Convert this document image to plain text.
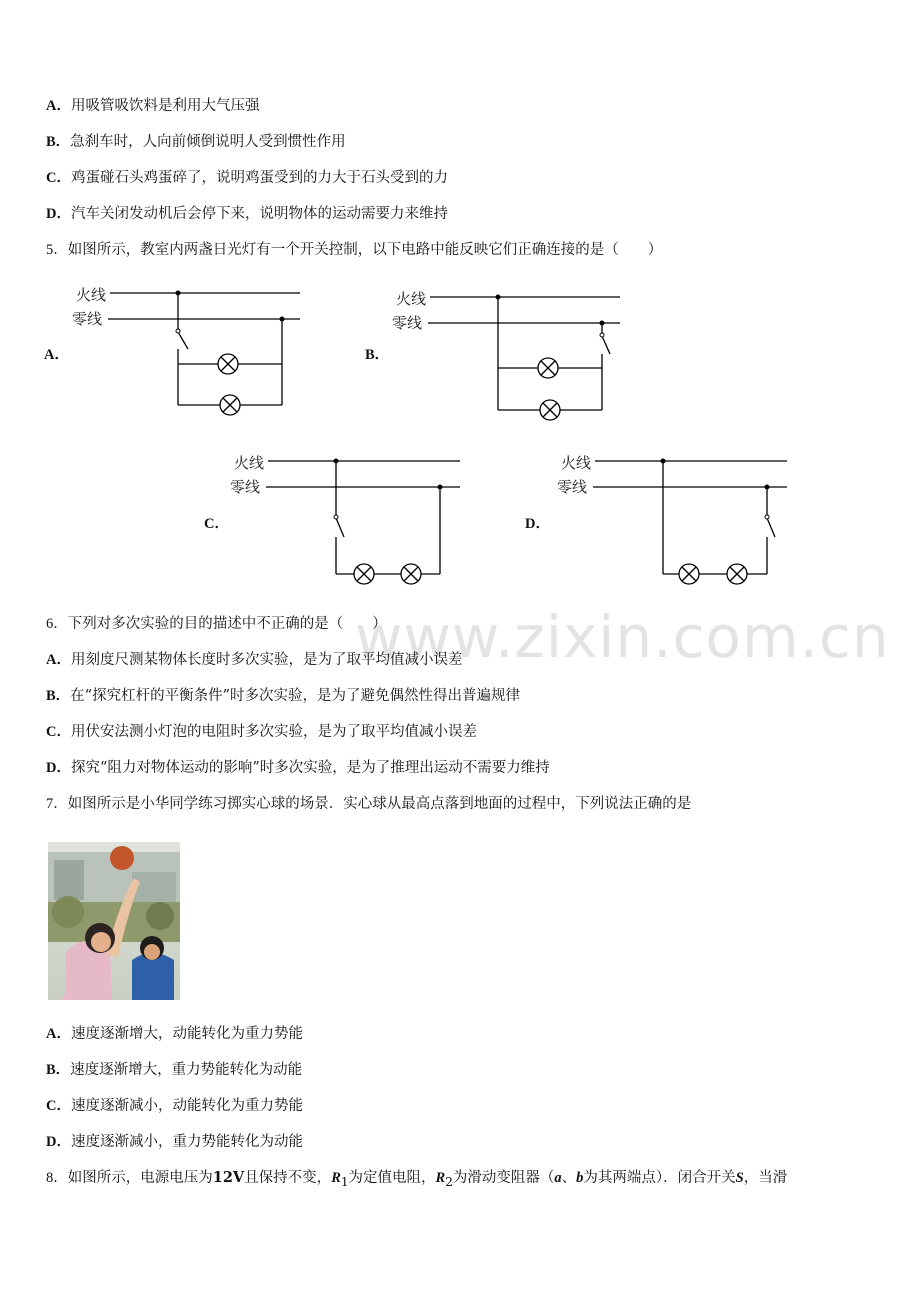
A．用吸管吸饮料是利用大气压强
B．急刹车时，人向前倾倒说明人受到惯性作用
C．鸡蛋碰石头鸡蛋碎了，说明鸡蛋受到的力大于石头受到的力
D．汽车关闭发动机后会停下来，说明物体的运动需要力来维持
5．如图所示，教室内两盏日光灯有一个开关控制，以下电路中能反映它们正确连接的是（　　）
火线
零线
A．
火线
零线
B．
火线
零线
C．
火线
零线
D．
www.zixin.com.cn
6．下列对多次实验的目的描述中不正确的是（　　）
A．用刻度尺测某物体长度时多次实验，是为了取平均值减小误差
B．在“探究杠杆的平衡条件”时多次实验，是为了避免偶然性得出普遍规律
C．用伏安法测小灯泡的电阻时多次实验，是为了取平均值减小误差
D．探究“阻力对物体运动的影响”时多次实验，是为了推理出运动不需要力维持
7．如图所示是小华同学练习掷实心球的场景．实心球从最高点落到地面的过程中，下列说法正确的是
A．速度逐渐增大，动能转化为重力势能
B．速度逐渐增大，重力势能转化为动能
C．速度逐渐减小，动能转化为重力势能
D．速度逐渐减小，重力势能转化为动能
8．如图所示，电源电压为12V且保持不变，$R_1$为定值电阻，$R_2$为滑动变阻器（a、b为其两端点）．闭合开关S，当滑
